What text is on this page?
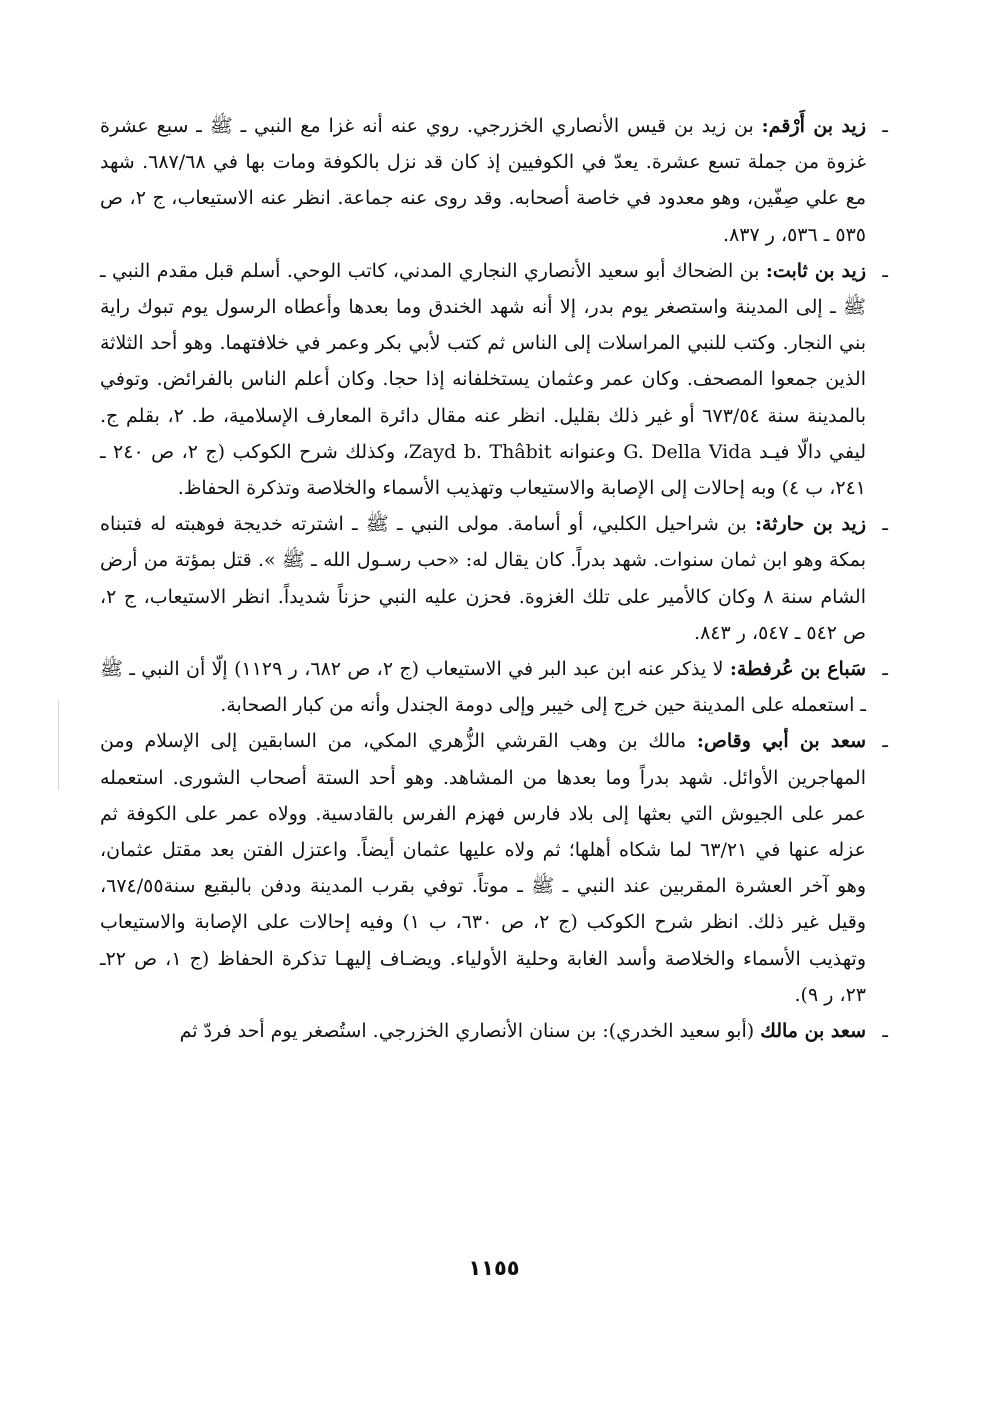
ـزيد بن أَرْقم: بن زيد بن قيس الأنصاري الخزرجي. روي عنه أنه غزا مع النبي ـ ﷺ ـ سبع عشرة غزوة من جملة تسع عشرة. يعدّ في الكوفيين إذ كان قد نزل بالكوفة ومات بها في ٦٨٧/٦٨. شهد مع علي صِفّين، وهو معدود في خاصة أصحابه. وقد روى عنه جماعة. انظر عنه الاستيعاب، ج ٢، ص ٥٣٥ ـ ٥٣٦، ر ٨٣٧.

ـزيد بن ثابت: بن الضحاك أبو سعيد الأنصاري النجاري المدني، كاتب الوحي. أسلم قبل مقدم النبي ـ ﷺ ـ إلى المدينة واستصغر يوم بدر، إلا أنه شهد الخندق وما بعدها وأعطاه الرسول يوم تبوك راية بني النجار. وكتب للنبي المراسلات إلى الناس ثم كتب لأبي بكر وعمر في خلافتهما. وهو أحد الثلاثة الذين جمعوا المصحف. وكان عمر وعثمان يستخلفانه إذا حجا. وكان أعلم الناس بالفرائض. وتوفي بالمدينة سنة ٦٧٣/٥٤ أو غير ذلك بقليل. انظر عنه مقال دائرة المعارف الإسلامية، ط. ٢، بقلم ج. ليفي دالّا فيـد G. Della Vida وعنوانه Zayd b. Thâbit، وكذلك شرح الكوكب (ج ٢، ص ٢٤٠ ـ ٢٤١، ب ٤) وبه إحالات إلى الإصابة والاستيعاب وتهذيب الأسماء والخلاصة وتذكرة الحفاظ.

ـزيد بن حارثة: بن شراحيل الكلبي، أو أسامة. مولى النبي ـ ﷺ ـ اشترته خديجة فوهبته له فتبناه بمكة وهو ابن ثمان سنوات. شهد بدراً. كان يقال له: «حب رسـول الله ـ ﷺ ». قتل بمؤتة من أرض الشام سنة ٨ وكان كالأمير على تلك الغزوة. فحزن عليه النبي حزناً شديداً. انظر الاستيعاب، ج ٢، ص ٥٤٢ ـ ٥٤٧، ر ٨٤٣.

ـسَباع بن عُرفطة: لا يذكر عنه ابن عبد البر في الاستيعاب (ج ٢، ص ٦٨٢، ر ١١٢٩) إلّا أن النبي ـ ﷺ ـ استعمله على المدينة حين خرج إلى خيبر وإلى دومة الجندل وأنه من كبار الصحابة.

ـسعد بن أبي وقاص: مالك بن وهب القرشي الزُّهري المكي، من السابقين إلى الإسلام ومن المهاجرين الأوائل. شهد بدراً وما بعدها من المشاهد. وهو أحد الستة أصحاب الشورى. استعمله عمر على الجيوش التي بعثها إلى بلاد فارس فهزم الفرس بالقادسية. وولاه عمر على الكوفة ثم عزله عنها في ٦٣/٢١ لما شكاه أهلها؛ ثم ولاه عليها عثمان أيضاً. واعتزل الفتن بعد مقتل عثمان، وهو آخر العشرة المقربين عند النبي ـ ﷺ ـ موتاً. توفي بقرب المدينة ودفن بالبقيع سنة٦٧٤/٥٥، وقيل غير ذلك. انظر شرح الكوكب (ج ٢، ص ٦٣٠، ب ١) وفيه إحالات على الإصابة والاستيعاب وتهذيب الأسماء والخلاصة وأسد الغابة وحلية الأولياء. ويضـاف إليهـا تذكرة الحفاظ (ج ١، ص ٢٢ـ ٢٣، ر ٩).

ـسعد بن مالك (أبو سعيد الخدري): بن سنان الأنصاري الخزرجي. استُصغر يوم أحد فردّ ثم

١١٥٥
